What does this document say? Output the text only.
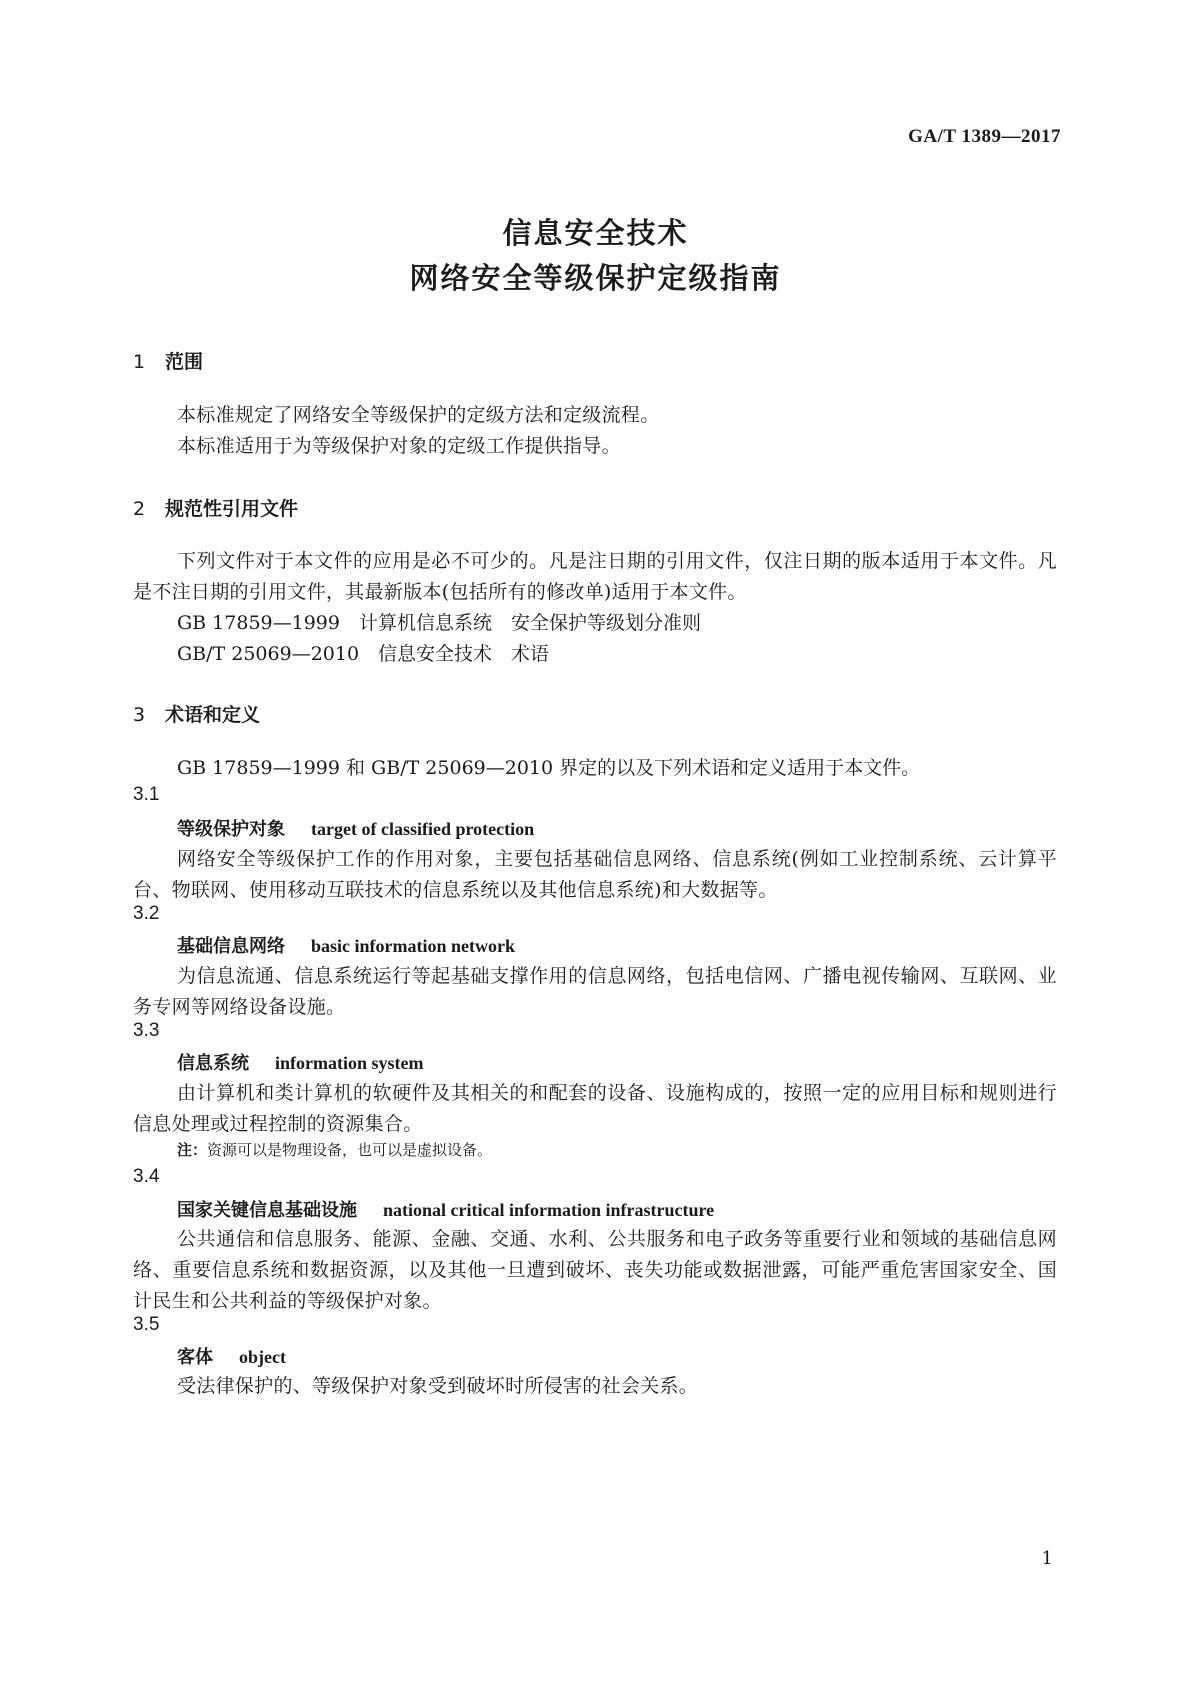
GA/T 1389—2017
信息安全技术
网络安全等级保护定级指南
1 范围
本标准规定了网络安全等级保护的定级方法和定级流程。
本标准适用于为等级保护对象的定级工作提供指导。
2 规范性引用文件
下列文件对于本文件的应用是必不可少的。凡是注日期的引用文件，仅注日期的版本适用于本文件。凡是不注日期的引用文件，其最新版本(包括所有的修改单)适用于本文件。
GB 17859—1999　计算机信息系统　安全保护等级划分准则
GB/T 25069—2010　信息安全技术　术语
3 术语和定义
GB 17859—1999 和 GB/T 25069—2010 界定的以及下列术语和定义适用于本文件。
3.1
等级保护对象 target of classified protection
网络安全等级保护工作的作用对象，主要包括基础信息网络、信息系统(例如工业控制系统、云计算平台、物联网、使用移动互联技术的信息系统以及其他信息系统)和大数据等。
3.2
基础信息网络 basic information network
为信息流通、信息系统运行等起基础支撑作用的信息网络，包括电信网、广播电视传输网、互联网、业务专网等网络设备设施。
3.3
信息系统 information system
由计算机和类计算机的软硬件及其相关的和配套的设备、设施构成的，按照一定的应用目标和规则进行信息处理或过程控制的资源集合。
注：资源可以是物理设备，也可以是虚拟设备。
3.4
国家关键信息基础设施 national critical information infrastructure
公共通信和信息服务、能源、金融、交通、水利、公共服务和电子政务等重要行业和领域的基础信息网络、重要信息系统和数据资源，以及其他一旦遭到破坏、丧失功能或数据泄露，可能严重危害国家安全、国计民生和公共利益的等级保护对象。
3.5
客体 object
受法律保护的、等级保护对象受到破坏时所侵害的社会关系。
1
